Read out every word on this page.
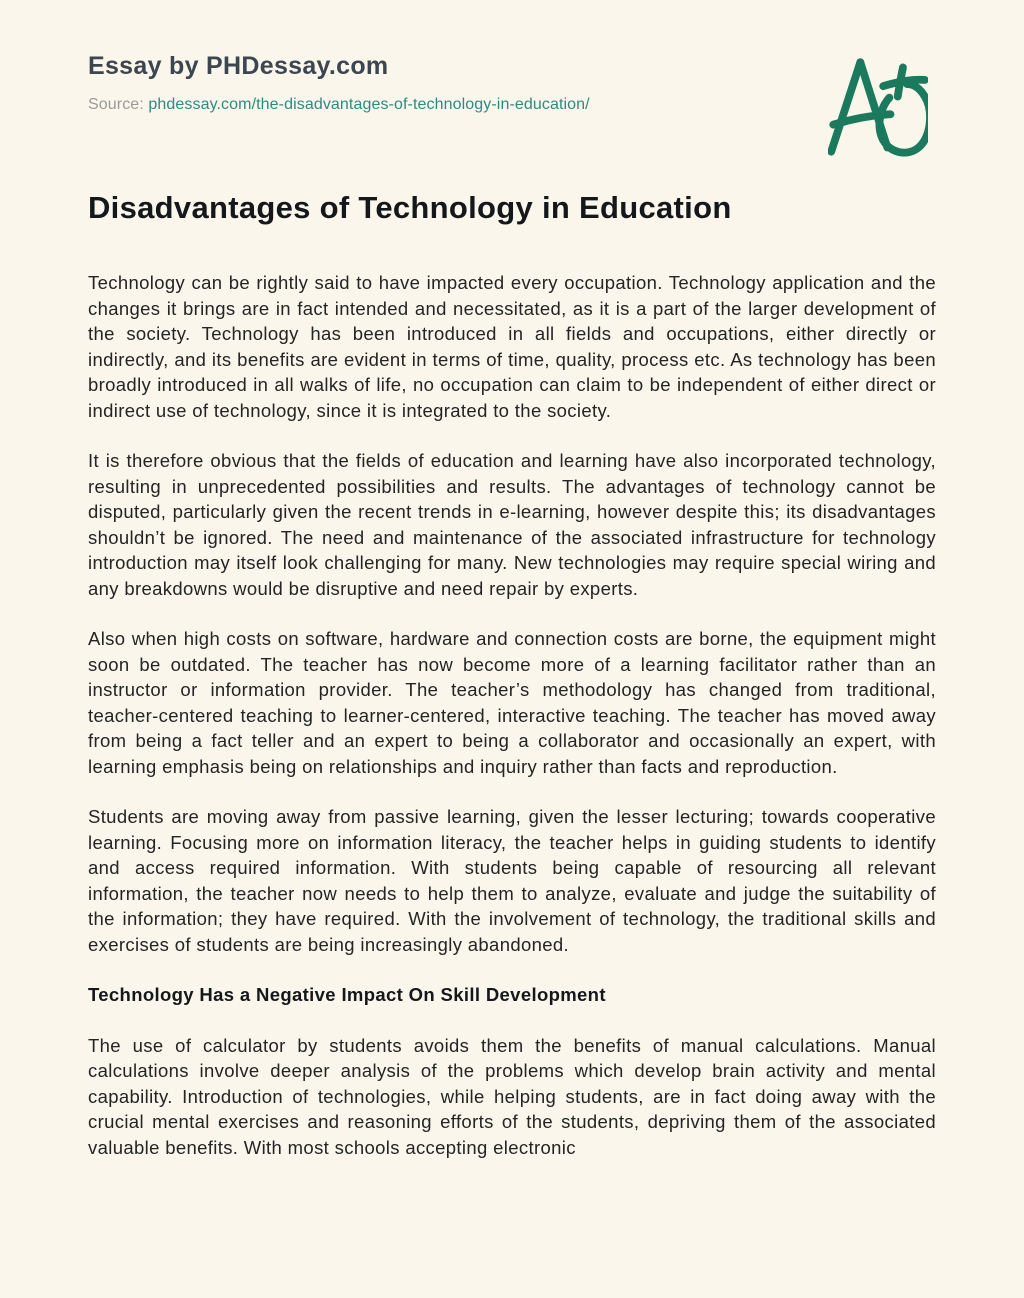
Essay by PHDessay.com

Source: phdessay.com/the-disadvantages-of-technology-in-education/

Disadvantages of Technology in Education

Technology can be rightly said to have impacted every occupation. Technology application and the changes it brings are in fact intended and necessitated, as it is a part of the larger development of the society. Technology has been introduced in all fields and occupations, either directly or indirectly, and its benefits are evident in terms of time, quality, process etc. As technology has been broadly introduced in all walks of life, no occupation can claim to be independent of either direct or indirect use of technology, since it is integrated to the society.

It is therefore obvious that the fields of education and learning have also incorporated technology, resulting in unprecedented possibilities and results. The advantages of technology cannot be disputed, particularly given the recent trends in e-learning, however despite this; its disadvantages shouldn’t be ignored. The need and maintenance of the associated infrastructure for technology introduction may itself look challenging for many. New technologies may require special wiring and any breakdowns would be disruptive and need repair by experts.

Also when high costs on software, hardware and connection costs are borne, the equipment might soon be outdated. The teacher has now become more of a learning facilitator rather than an instructor or information provider. The teacher’s methodology has changed from traditional, teacher-centered teaching to learner-centered, interactive teaching. The teacher has moved away from being a fact teller and an expert to being a collaborator and occasionally an expert, with learning emphasis being on relationships and inquiry rather than facts and reproduction.

Students are moving away from passive learning, given the lesser lecturing; towards cooperative learning. Focusing more on information literacy, the teacher helps in guiding students to identify and access required information. With students being capable of resourcing all relevant information, the teacher now needs to help them to analyze, evaluate and judge the suitability of the information; they have required. With the involvement of technology, the traditional skills and exercises of students are being increasingly abandoned.

Technology Has a Negative Impact On Skill Development

The use of calculator by students avoids them the benefits of manual calculations. Manual calculations involve deeper analysis of the problems which develop brain activity and mental capability. Introduction of technologies, while helping students, are in fact doing away with the crucial mental exercises and reasoning efforts of the students, depriving them of the associated valuable benefits. With most schools accepting electronic
